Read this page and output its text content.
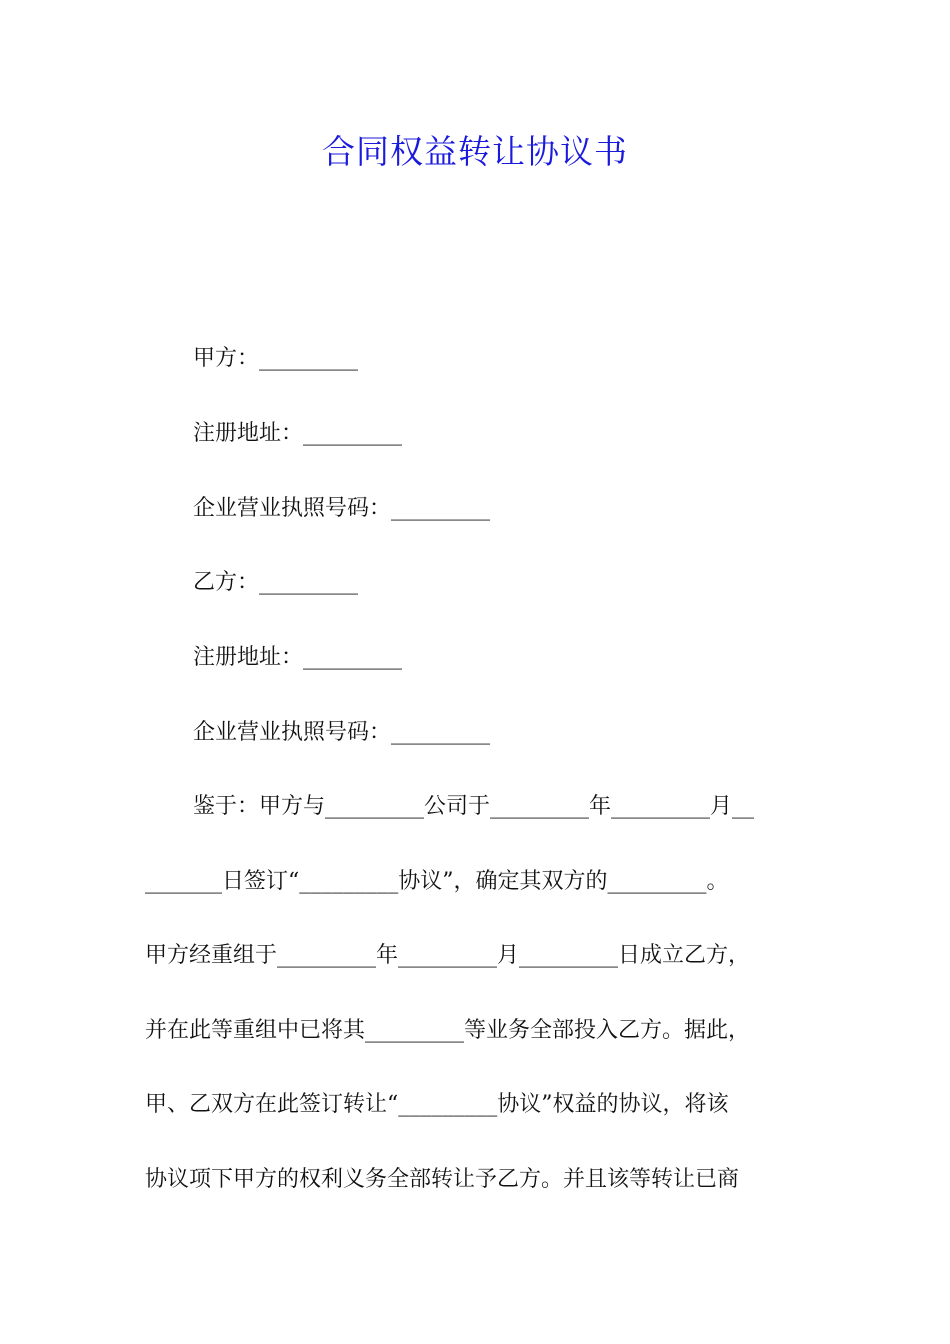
合同权益转让协议书
甲方：_________
注册地址：_________
企业营业执照号码：_________
乙方：_________
注册地址：_________
企业营业执照号码：_________
鉴于：甲方与_________公司于_________年_________月__
_______日签订“_________协议”，确定其双方的_________。
甲方经重组于_________年_________月_________日成立乙方，
并在此等重组中已将其_________等业务全部投入乙方。据此，
甲、乙双方在此签订转让“_________协议”权益的协议，将该
协议项下甲方的权利义务全部转让予乙方。并且该等转让已商
